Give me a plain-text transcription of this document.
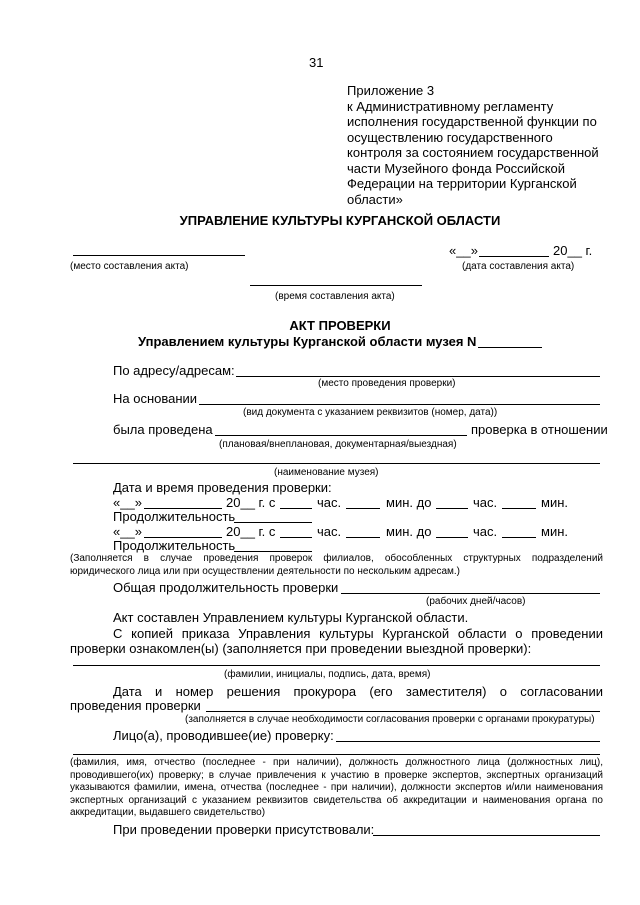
31
Приложение 3
к Административному регламенту
исполнения государственной функции по
осуществлению государственного
контроля за состоянием государственной
части Музейного фонда Российской
Федерации на территории Курганской
области»
УПРАВЛЕНИЕ КУЛЬТУРЫ КУРГАНСКОЙ ОБЛАСТИ
(место составления акта)
«__»	20__ г.
(дата составления акта)
(время составления акта)
АКТ ПРОВЕРКИ
Управлением культуры Курганской области музея N
По адресу/адресам:
(место проведения проверки)
На основании
(вид документа с указанием реквизитов (номер, дата))
была проведена	проверка в отношении
(плановая/внеплановая, документарная/выездная)
(наименование музея)
Дата и время проведения проверки:
«__»	20__ г. с	час.	мин. до	час.	мин.
Продолжительность
«__»	20__ г. с	час.	мин. до	час.	мин.
Продолжительность
(Заполняется в случае проведения проверок филиалов, обособленных структурных подразделений юридического лица или при осуществлении деятельности по нескольким адресам.)
Общая продолжительность проверки
(рабочих дней/часов)
Акт составлен Управлением культуры Курганской области.
С копией приказа Управления культуры Курганской области о проведении
проверки ознакомлен(ы) (заполняется при проведении выездной проверки):
(фамилии, инициалы, подпись, дата, время)
Дата и номер решения прокурора (его заместителя) о согласовании
проведения проверки
(заполняется в случае необходимости согласования проверки с органами прокуратуры)
Лицо(а), проводившее(ие) проверку:
(фамилия, имя, отчество (последнее - при наличии), должность должностного лица (должностных лиц), проводившего(их) проверку; в случае привлечения к участию в проверке экспертов, экспертных организаций указываются фамилии, имена, отчества (последнее - при наличии), должности экспертов и/или наименования экспертных организаций с указанием реквизитов свидетельства об аккредитации и наименования органа по аккредитации, выдавшего свидетельство)
При проведении проверки присутствовали:
